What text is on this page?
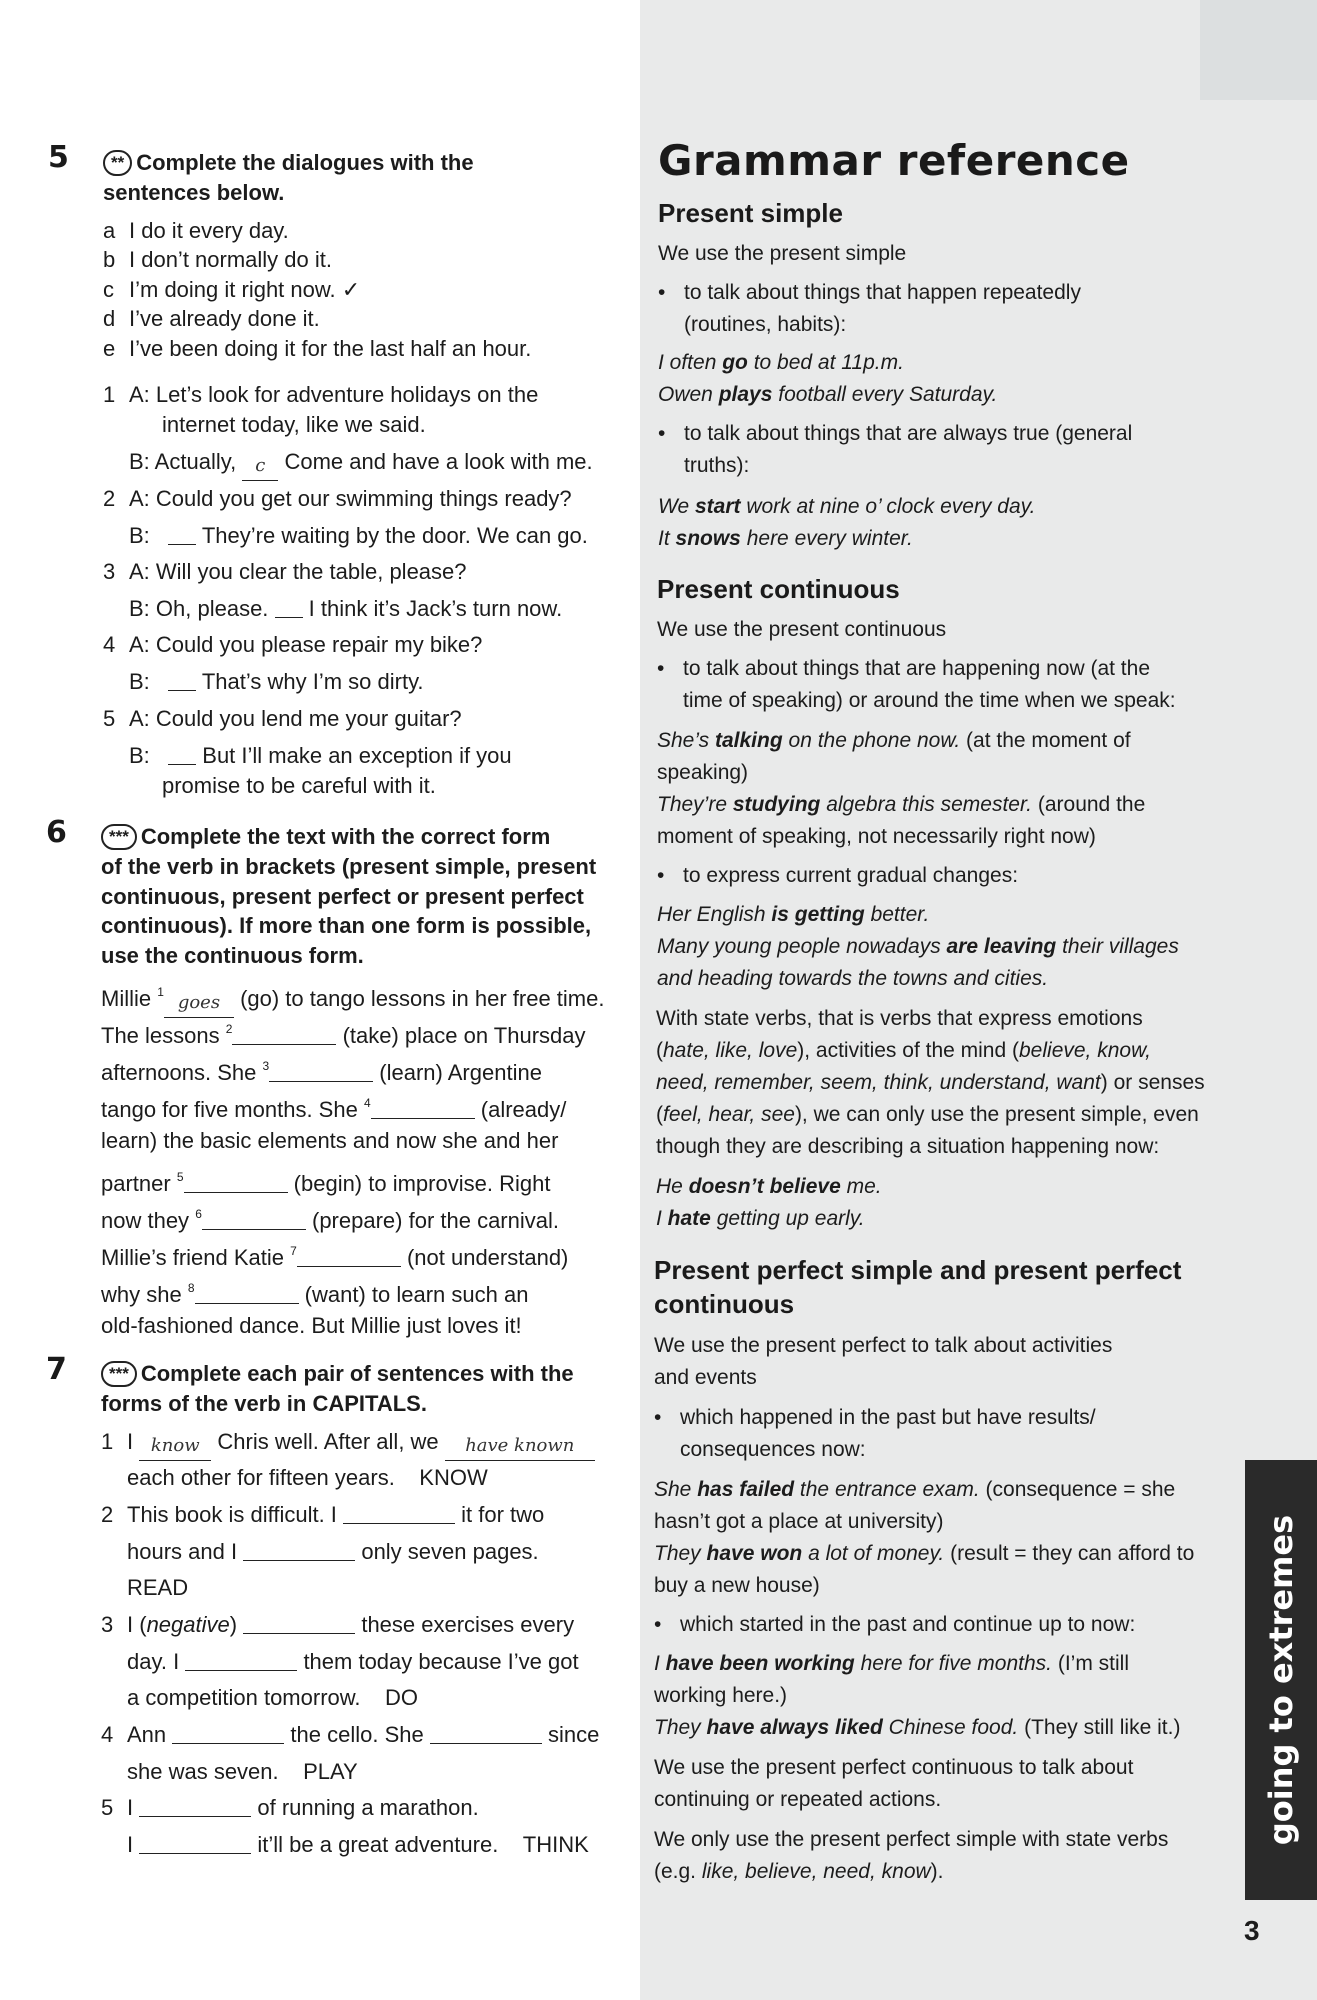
5	** Complete the dialogues with the
sentences below.
a I do it every day.
b I don’t normally do it.
c I’m doing it right now. ✓
d I’ve already done it.
e I’ve been doing it for the last half an hour.
1 A: Let’s look for adventure holidays on the
internet today, like we said.
B: Actually, c Come and have a look with me.
2 A: Could you get our swimming things ready?
B: They’re waiting by the door. We can go.
3 A: Will you clear the table, please?
B: Oh, please. I think it’s Jack’s turn now.
4 A: Could you please repair my bike?
B: That’s why I’m so dirty.
5 A: Could you lend me your guitar?
B: But I’ll make an exception if you
promise to be careful with it.
6	*** Complete the text with the correct form
of the verb in brackets (present simple, present
continuous, present perfect or present perfect
continuous). If more than one form is possible,
use the continuous form.
Millie $^1$ goes (go) to tango lessons in her free time.
The lessons $^2$	(take) place on Thursday
afternoons. She $^3$	(learn) Argentine
tango for five months. She $^4$	(already/
learn) the basic elements and now she and her
partner $^5$	(begin) to improvise. Right
now they $^6$	(prepare) for the carnival.
Millie’s friend Katie $^7$	(not understand)
why she $^8$	(want) to learn such an
old-fashioned dance. But Millie just loves it!
7	*** Complete each pair of sentences with the
forms of the verb in CAPITALS.
1 I know Chris well. After all, we have known
each other for fifteen years. KNOW
2 This book is difficult. I	it for two
hours and I	only seven pages.
READ
3 I (negative)	these exercises every
day. I	them today because I’ve got
a competition tomorrow. DO
4 Ann	the cello. She	since
she was seven. PLAY
5 I	of running a marathon.
I	it’ll be a great adventure. THINK
Grammar reference
Present simple
We use the present simple
• to talk about things that happen repeatedly
(routines, habits):
I often go to bed at 11p.m.
Owen plays football every Saturday.
• to talk about things that are always true (general
truths):
We start work at nine o’ clock every day.
It snows here every winter.
Present continuous
We use the present continuous
• to talk about things that are happening now (at the
time of speaking) or around the time when we speak:
She’s talking on the phone now. (at the moment of
speaking)
They’re studying algebra this semester. (around the
moment of speaking, not necessarily right now)
• to express current gradual changes:
Her English is getting better.
Many young people nowadays are leaving their villages
and heading towards the towns and cities.
With state verbs, that is verbs that express emotions
(hate, like, love), activities of the mind (believe, know,
need, remember, seem, think, understand, want) or senses
(feel, hear, see), we can only use the present simple, even
though they are describing a situation happening now:
He doesn’t believe me.
I hate getting up early.
Present perfect simple and present perfect
continuous
We use the present perfect to talk about activities
and events
• which happened in the past but have results/
consequences now:
She has failed the entrance exam. (consequence = she
hasn’t got a place at university)
They have won a lot of money. (result = they can afford to
buy a new house)
• which started in the past and continue up to now:
I have been working here for five months. (I’m still
working here.)
They have always liked Chinese food. (They still like it.)
We use the present perfect continuous to talk about
continuing or repeated actions.
We only use the present perfect simple with state verbs
(e.g. like, believe, need, know).
going to extremes
3
